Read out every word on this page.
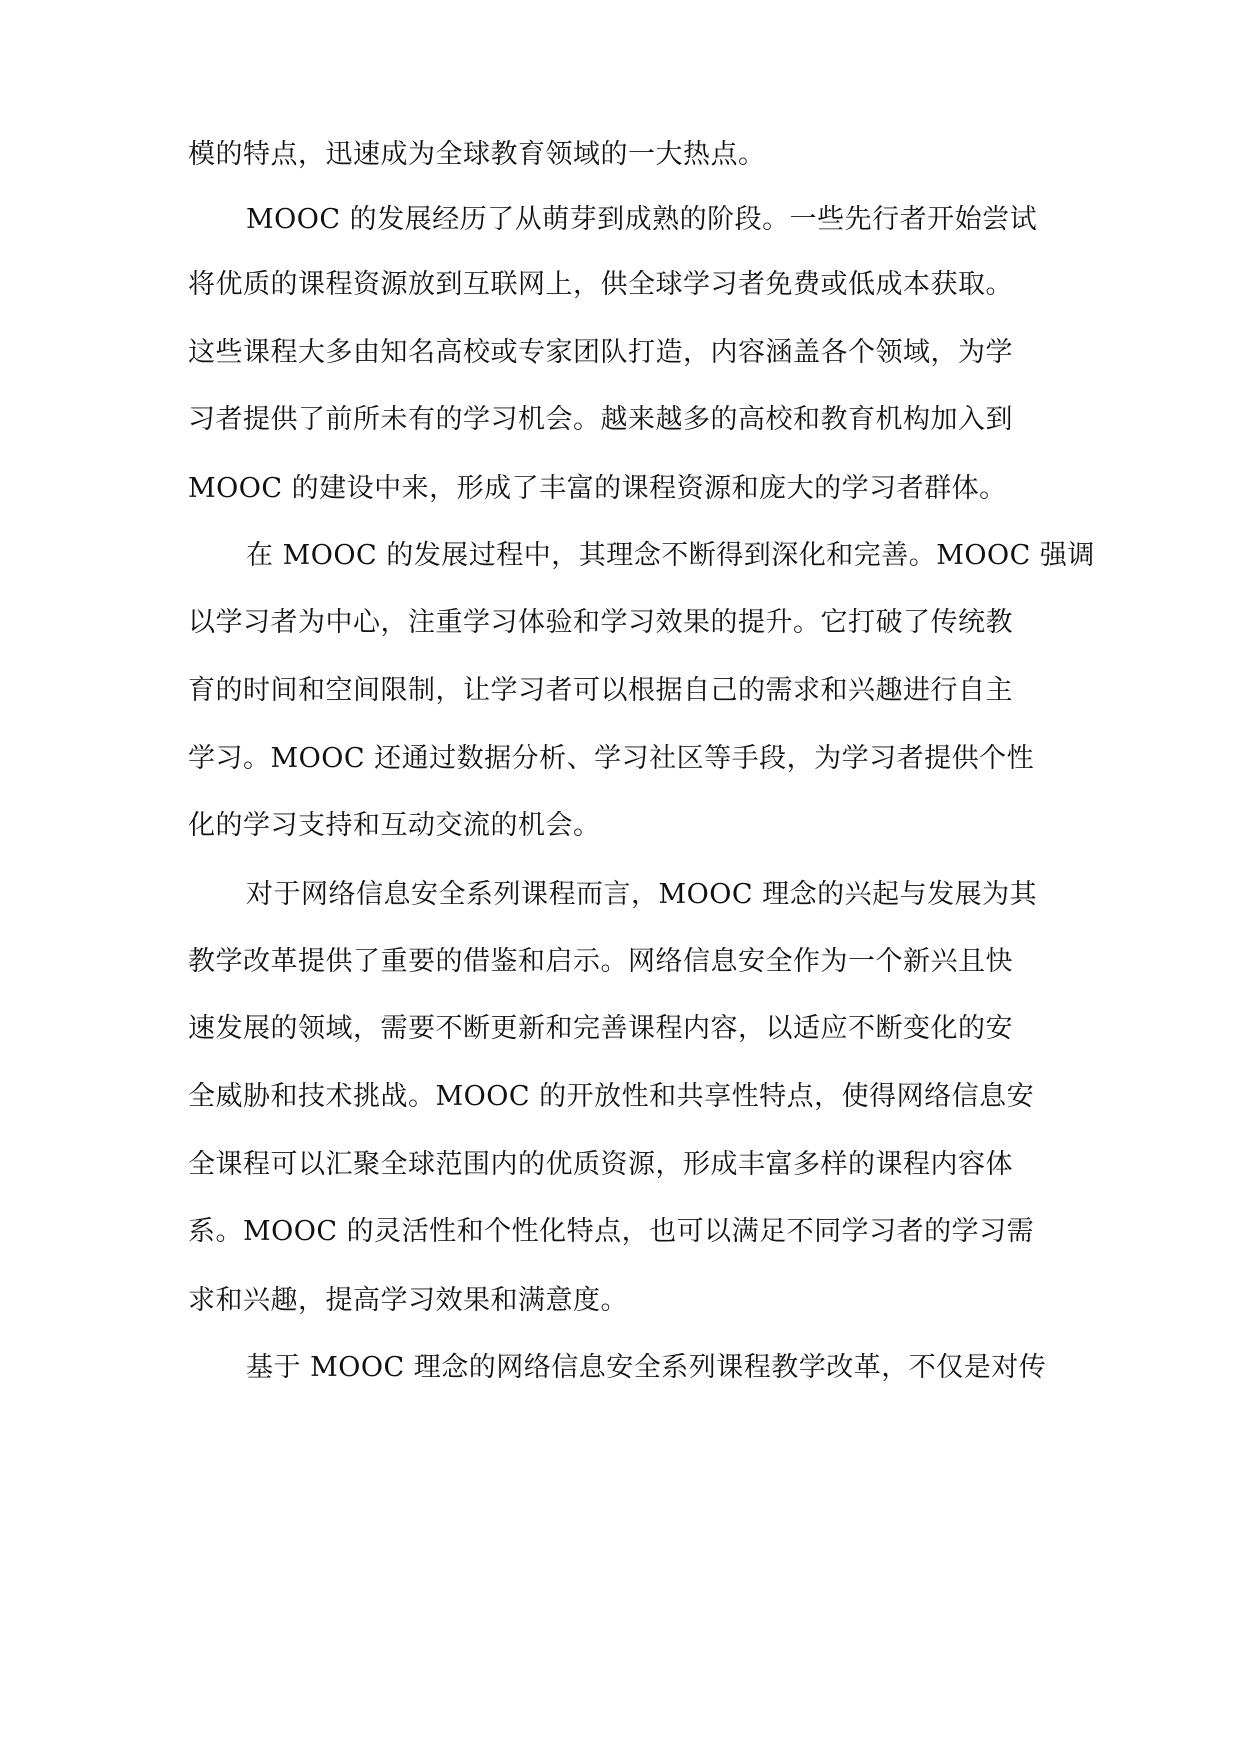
模的特点，迅速成为全球教育领域的一大热点。
MOOC 的发展经历了从萌芽到成熟的阶段。一些先行者开始尝试
将优质的课程资源放到互联网上，供全球学习者免费或低成本获取。
这些课程大多由知名高校或专家团队打造，内容涵盖各个领域，为学
习者提供了前所未有的学习机会。越来越多的高校和教育机构加入到
MOOC 的建设中来，形成了丰富的课程资源和庞大的学习者群体。
在 MOOC 的发展过程中，其理念不断得到深化和完善。MOOC 强调
以学习者为中心，注重学习体验和学习效果的提升。它打破了传统教
育的时间和空间限制，让学习者可以根据自己的需求和兴趣进行自主
学习。MOOC 还通过数据分析、学习社区等手段，为学习者提供个性
化的学习支持和互动交流的机会。
对于网络信息安全系列课程而言，MOOC 理念的兴起与发展为其
教学改革提供了重要的借鉴和启示。网络信息安全作为一个新兴且快
速发展的领域，需要不断更新和完善课程内容，以适应不断变化的安
全威胁和技术挑战。MOOC 的开放性和共享性特点，使得网络信息安
全课程可以汇聚全球范围内的优质资源，形成丰富多样的课程内容体
系。MOOC 的灵活性和个性化特点，也可以满足不同学习者的学习需
求和兴趣，提高学习效果和满意度。
基于 MOOC 理念的网络信息安全系列课程教学改革，不仅是对传
